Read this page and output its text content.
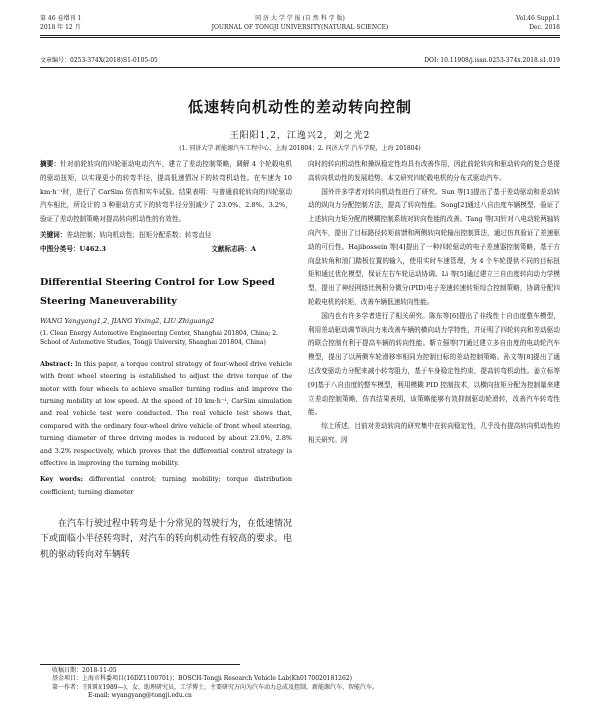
第 46 卷增刊 1
2018 年 12 月
同 济 大 学 学 报 (自 然 科 学 版)
JOURNAL OF TONGJI UNIVERSITY(NATURAL SCIENCE)
Vol.46 Suppl.1
Dec. 2018
文章编号：0253-374X(2018)S1-0105-05	DOI: 10.11908/j.issn.0253-374x.2018.s1.019
低速转向机动性的差动转向控制
王阳阳1,2，江逸兴2，刘之光2
(1. 同济大学 新能源汽车工程中心，上海 201804；2. 同济大学 汽车学院，上海 201804)

摘要：针对前轮转向的四轮驱动电动汽车，建立了差动控制策略，调解 4 个轮毂电机的驱动扭矩，以实现更小的转弯半径，提高低速情况下的转弯机动性。在车速为 10 km·h⁻¹时，进行了 CarSim 仿真和实车试验。结果表明：与普通前轮转向的四轮驱动汽车相比，所设计的 3 种驱动方式下的转弯半径分别减少了 23.0%、2.8%、3.2%，验证了差动控制策略对提高转向机动性的有效性。

关键词：差动控制；转向机动性；扭矩分配系数；转弯直径

中图分类号：U462.3	文献标志码：A

Differential Steering Control for Low Speed Steering Maneuverability

WANG Yangyang1,2, JIANG Yixing2, LIU Zhiguang2

(1. Clean Energy Automotive Engineering Center, Shanghai 201804, China; 2. School of Automotive Studies, Tongji University, Shanghai 201804, China)

Abstract: In this paper, a torque control strategy of four-wheel drive vehicle with front wheel steering is established to adjust the drive torque of the motor with four wheels to achieve smaller turning radius and improve the turning mobility at low speed. At the speed of 10 km·h⁻¹, CarSim simulation and real vehicle test were conducted. The real vehicle test shows that, compared with the ordinary four-wheel drive vehicle of front wheel steering, turning diameter of three driving modes is reduced by about 23.0%, 2.8% and 3.2% respectively, which proves that the differential control strategy is effective in improving the turning mobility.

Key words: differential control; turning mobility; torque distribution coefficient; turning diameter

在汽车行驶过程中转弯是十分常见的驾驶行为，在低速情况下或面临小半径转弯时，对汽车的转向机动性有较高的要求。电机的驱动转向对车辆转

向时的转向机动性和操纵稳定性均具有改善作用，因此前轮转向和驱动转向的复合是提高转向机动性的发展趋势。本文研究四轮毂电机的分布式驱动汽车。

国外许多学者对转向机动性进行了研究。Sun 等[1]提出了基于差动驱动和差动转动的纵向力分配控制方法，提高了转向性能。Song[2]通过八自由度车辆模型，验证了上述转向力矩分配的模糊控制系统对转向性能的改善。Tang 等[3]针对八电动轮两轴转向汽车，提出了目标路径转矩前馈和两侧转向轮输出控制算法，通过仿真验证了差速驱动的可行性。Hajibossein 等[4]提出了一种四轮驱动的电子差速器控制策略，基于方向盘转角和油门踏板位置的输入，使用实时车速管理，为 4 个车轮提供不同的目标扭矩和通过优化模型，保证左右车轮运动协调。Li 等[5]通过建立三自由度转向动力学模型，提出了神经网络比例积分微分(PID)电子差速转速转矩综合控制策略，协调分配四轮毂电机的转矩，改善车辆低速转向性能。

国内也有许多学者进行了相关研究。陈东等[6]提出了非线性十自由度整车模型，利用差动驱动调节纵向力来改善车辆的横向动力学特性，并证明了四轮转向和差动驱动的联合控制有利于提高车辆的转向性能。靳立强等[7]通过建立多自由度的电动轮汽车模型，提出了以两侧车轮滑移率相同为控制目标的差动控制策略。孙文等[8]提出了通过改变驱动力分配来减小转弯阻力，基于车身稳定性约束，提高转弯机动性。姜立标等[9]基于八自由度的整车模型，利用模糊 PID 控制技术，以横向扭矩分配为控制量来建立差动控制策略，仿真结果表明，该策略能够有效抑制驱动轮滑转，改善汽车转弯性能。

综上所述，目前对差动转向的研究集中在转向稳定性，几乎没有提高转向机动性的相关研究。因

收稿日期：2018-11-05
基金项目：上海市科委项目(16DZ1100701)；BOSCH-Tongji Research Vehicle Lab(Kh0170020181262)
第一作者：王阳阳(1989—)，女，助理研究员，工学博士，主要研究方向为汽车动力总成及控制、新能源汽车、智能汽车。
E-mail: wyangyang@tongji.edu.cn
